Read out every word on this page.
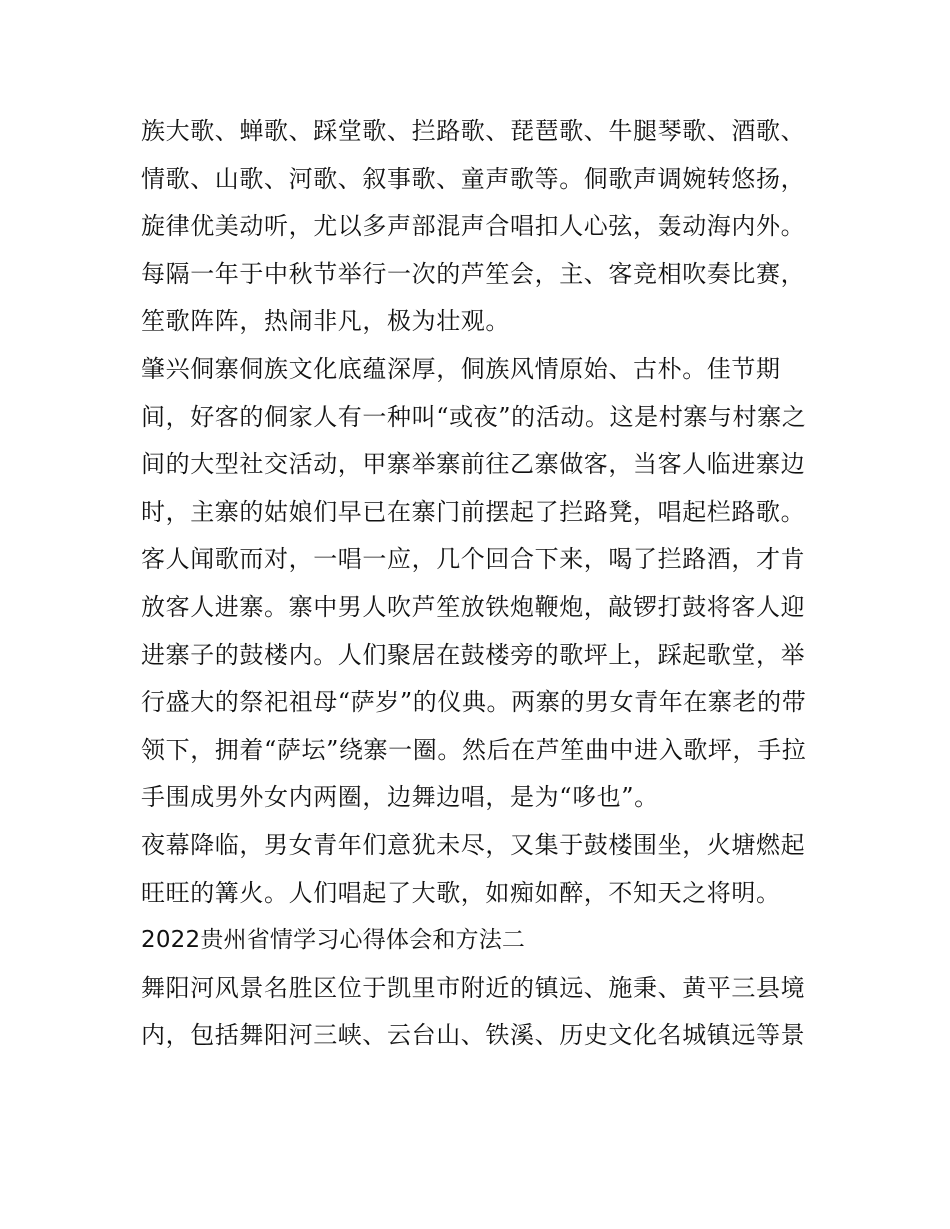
族大歌、蝉歌、踩堂歌、拦路歌、琵琶歌、牛腿琴歌、酒歌、
情歌、山歌、河歌、叙事歌、童声歌等。侗歌声调婉转悠扬，
旋律优美动听，尤以多声部混声合唱扣人心弦，轰动海内外。
每隔一年于中秋节举行一次的芦笙会，主、客竞相吹奏比赛，
笙歌阵阵，热闹非凡，极为壮观。
肇兴侗寨侗族文化底蕴深厚，侗族风情原始、古朴。佳节期
间，好客的侗家人有一种叫“或夜”的活动。这是村寨与村寨之
间的大型社交活动，甲寨举寨前往乙寨做客，当客人临进寨边
时，主寨的姑娘们早已在寨门前摆起了拦路凳，唱起栏路歌。
客人闻歌而对，一唱一应，几个回合下来，喝了拦路酒，才肯
放客人进寨。寨中男人吹芦笙放铁炮鞭炮，敲锣打鼓将客人迎
进寨子的鼓楼内。人们聚居在鼓楼旁的歌坪上，踩起歌堂，举
行盛大的祭祀祖母“萨岁”的仪典。两寨的男女青年在寨老的带
领下，拥着“萨坛”绕寨一圈。然后在芦笙曲中进入歌坪，手拉
手围成男外女内两圈，边舞边唱，是为“哆也”。
夜幕降临，男女青年们意犹未尽，又集于鼓楼围坐，火塘燃起
旺旺的篝火。人们唱起了大歌，如痴如醉，不知天之将明。
2022贵州省情学习心得体会和方法二
舞阳河风景名胜区位于凯里市附近的镇远、施秉、黄平三县境
内，包括舞阳河三峡、云台山、铁溪、历史文化名城镇远等景
